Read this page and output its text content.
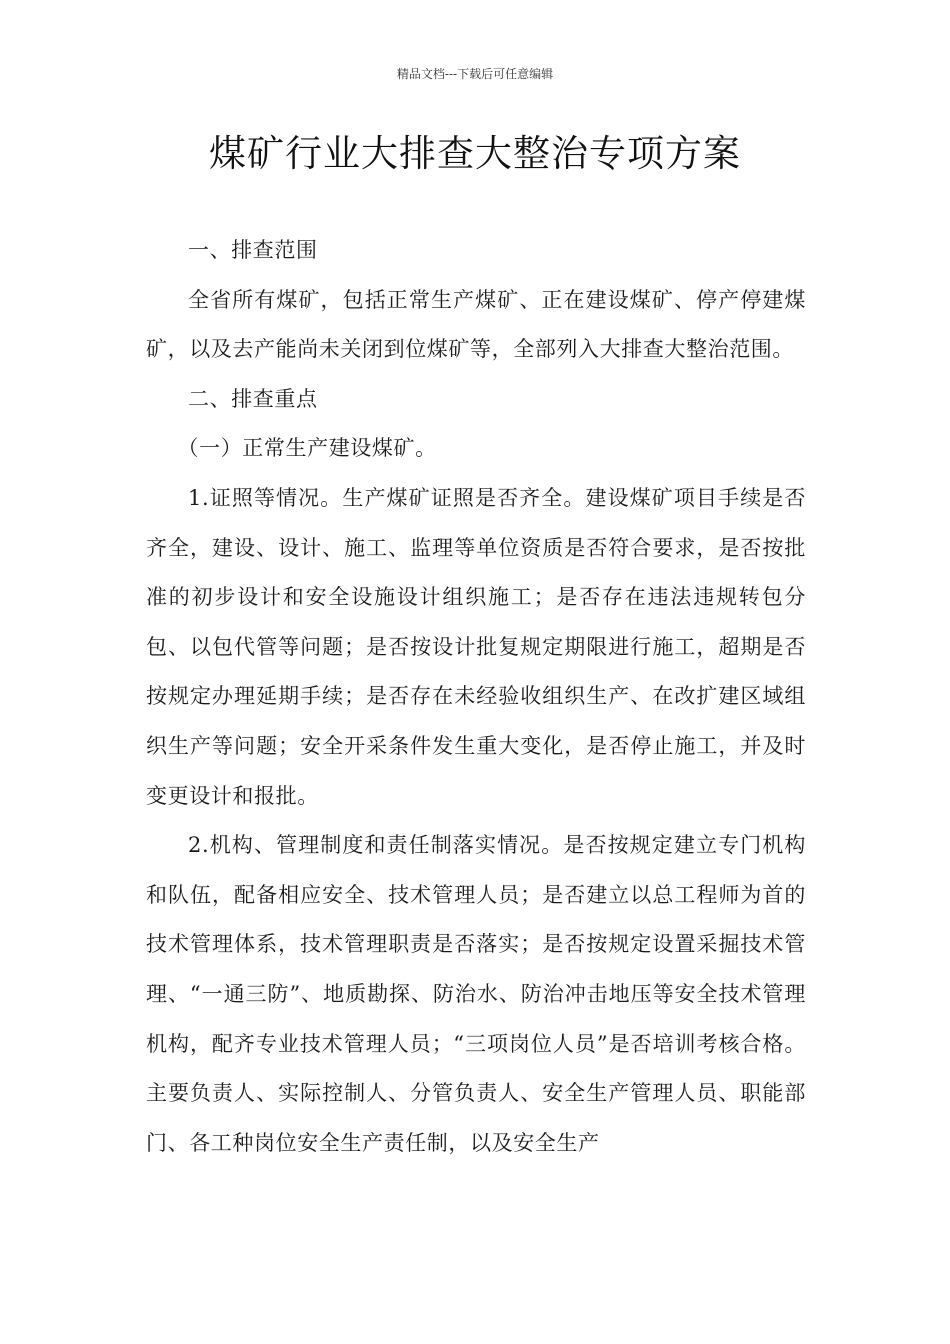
精品文档---下载后可任意编辑
煤矿行业大排查大整治专项方案

一、排查范围

全省所有煤矿，包括正常生产煤矿、正在建设煤矿、停产停建煤矿，以及去产能尚未关闭到位煤矿等，全部列入大排查大整治范围。

二、排查重点

（一）正常生产建设煤矿。

1.证照等情况。生产煤矿证照是否齐全。建设煤矿项目手续是否齐全，建设、设计、施工、监理等单位资质是否符合要求，是否按批准的初步设计和安全设施设计组织施工；是否存在违法违规转包分包、以包代管等问题；是否按设计批复规定期限进行施工，超期是否按规定办理延期手续；是否存在未经验收组织生产、在改扩建区域组织生产等问题；安全开采条件发生重大变化，是否停止施工，并及时变更设计和报批。

2.机构、管理制度和责任制落实情况。是否按规定建立专门机构和队伍，配备相应安全、技术管理人员；是否建立以总工程师为首的技术管理体系，技术管理职责是否落实；是否按规定设置采掘技术管理、“一通三防”、地质勘探、防治水、防治冲击地压等安全技术管理机构，配齐专业技术管理人员；“三项岗位人员”是否培训考核合格。主要负责人、实际控制人、分管负责人、安全生产管理人员、职能部门、各工种岗位安全生产责任制，以及安全生产
